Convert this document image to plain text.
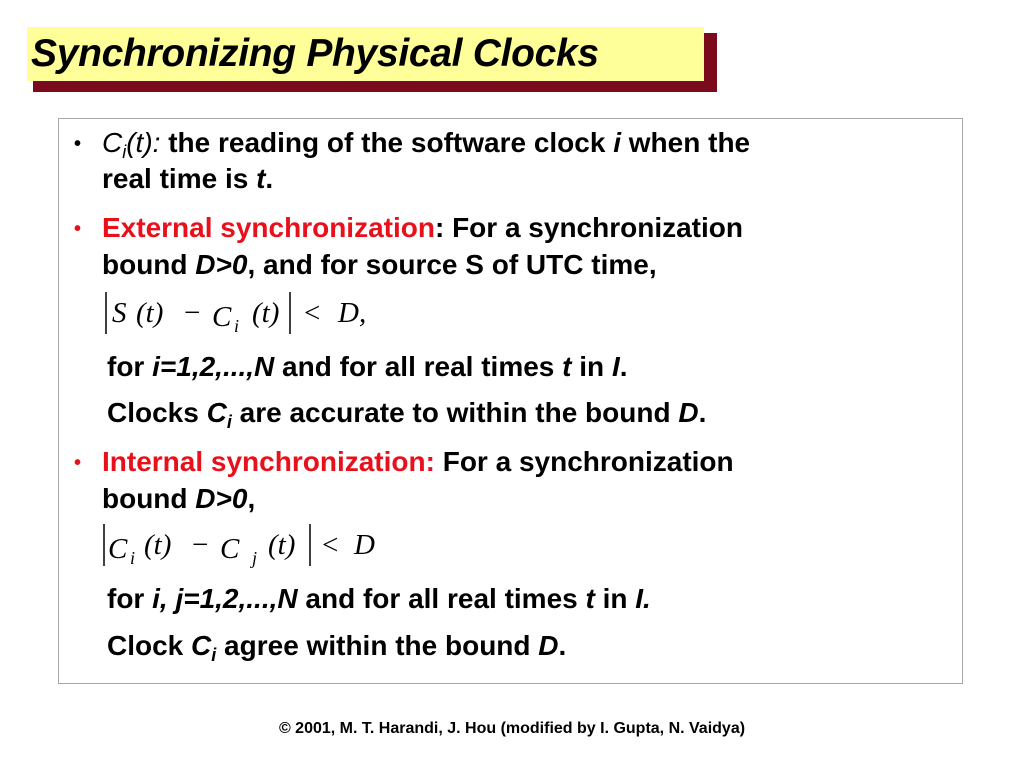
Synchronizing Physical Clocks
• $C_i(t)$: the reading of the software clock i when the
real time is t.
• External synchronization: For a synchronization
bound D>0, and for source S of UTC time,
S (t) − C i (t) < D,
for i=1,2,...,N and for all real times t in I.
Clocks $C_i$ are accurate to within the bound D.
• Internal synchronization: For a synchronization
bound D>0,
C i (t) − C j (t) < D
for i, j=1,2,...,N and for all real times t in I.
Clock $C_i$ agree within the bound D.
© 2001, M. T. Harandi, J. Hou (modified by I. Gupta, N. Vaidya)
